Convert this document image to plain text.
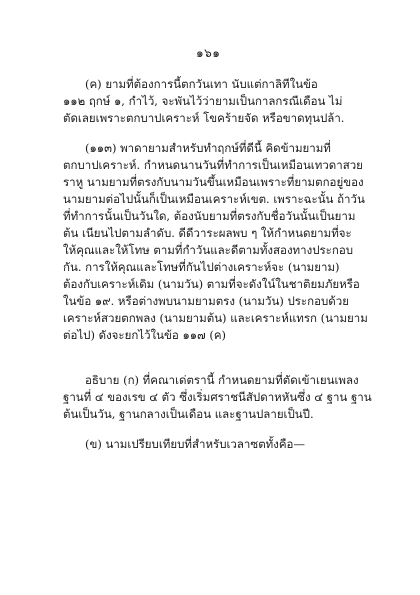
๑๖๑
(ค) ยามที่ต้องการนี้ตกวันเทา นับแต่กาลิทีในข้อ
๑๑๒ ฤกษ์ ๑, กำไว้, จะพันไว้ว่ายามเป็นกาลกรณีเดือน ไม่
ตัดเลยเพราะตกบาปเคราะห์ โขคร้ายจัด หรือขาดทุนปล้า.
(๑๑๓) พาดายามสำหรับทำฤกษ์ที่ดีนี้ คิดข้ามยามที่
ตกบาปเคราะห์. กำหนดนานวันที่ทำการเป็นเหมือนเทวดาสวย
ราหู นามยามที่ตรงกับนามวันขึ้นเหมือนเพราะที่ยามตกอยู่ของ
นามยามต่อไปนั้นก็เป็นเหมือนเคราะห์เขต. เพราะฉะนั้น ถ้าวัน
ที่ทำการนั้นเป็นวันใด, ต้องนับยามที่ตรงกับชื่อวันนั้นเป็นยาม
ต้น เนียนไปตามลำดับ. ดีดีวาระผลพบ ๆ ให้กำหนดยามที่จะ
ให้คุณและให้โทษ ตามที่กำวันและดีตามทั้งสองทางประกอบ
กัน. การให้คุณและโทษที่กันไปต่างเคราะห์จะ (นามยาม)
ต้องกับเคราะห์เดิม (นามวัน) ตามที่จะดังใน์ในชาติยมภัยหรือ
ในข้อ ๑๙. หรือต่างพบนามยามตรง (นามวัน) ประกอบด้วย
เคราะห์สวยตกพลง (นามยามต้น) และเคราะห์แทรก (นามยาม
ต่อไป) ดังจะยกไว้ในข้อ ๑๑๗ (ค)
อธิบาย (ก) ที่คณาเด่ตรานี้ กำหนดยามที่ตัดเข้าเยนเพลง
ฐานที่ ๔ ของเรข ๔ ตัว ซึ่งเริ่มศราชนีสัปดาหหันซึ่ง ๔ ฐาน ฐาน
ต้นเป็นวัน, ฐานกลางเป็นเดือน และฐานปลายเป็นปี.
(ข) นามเปรียบเทียบที่สำหรับเวลาซตทั้งคือ—
